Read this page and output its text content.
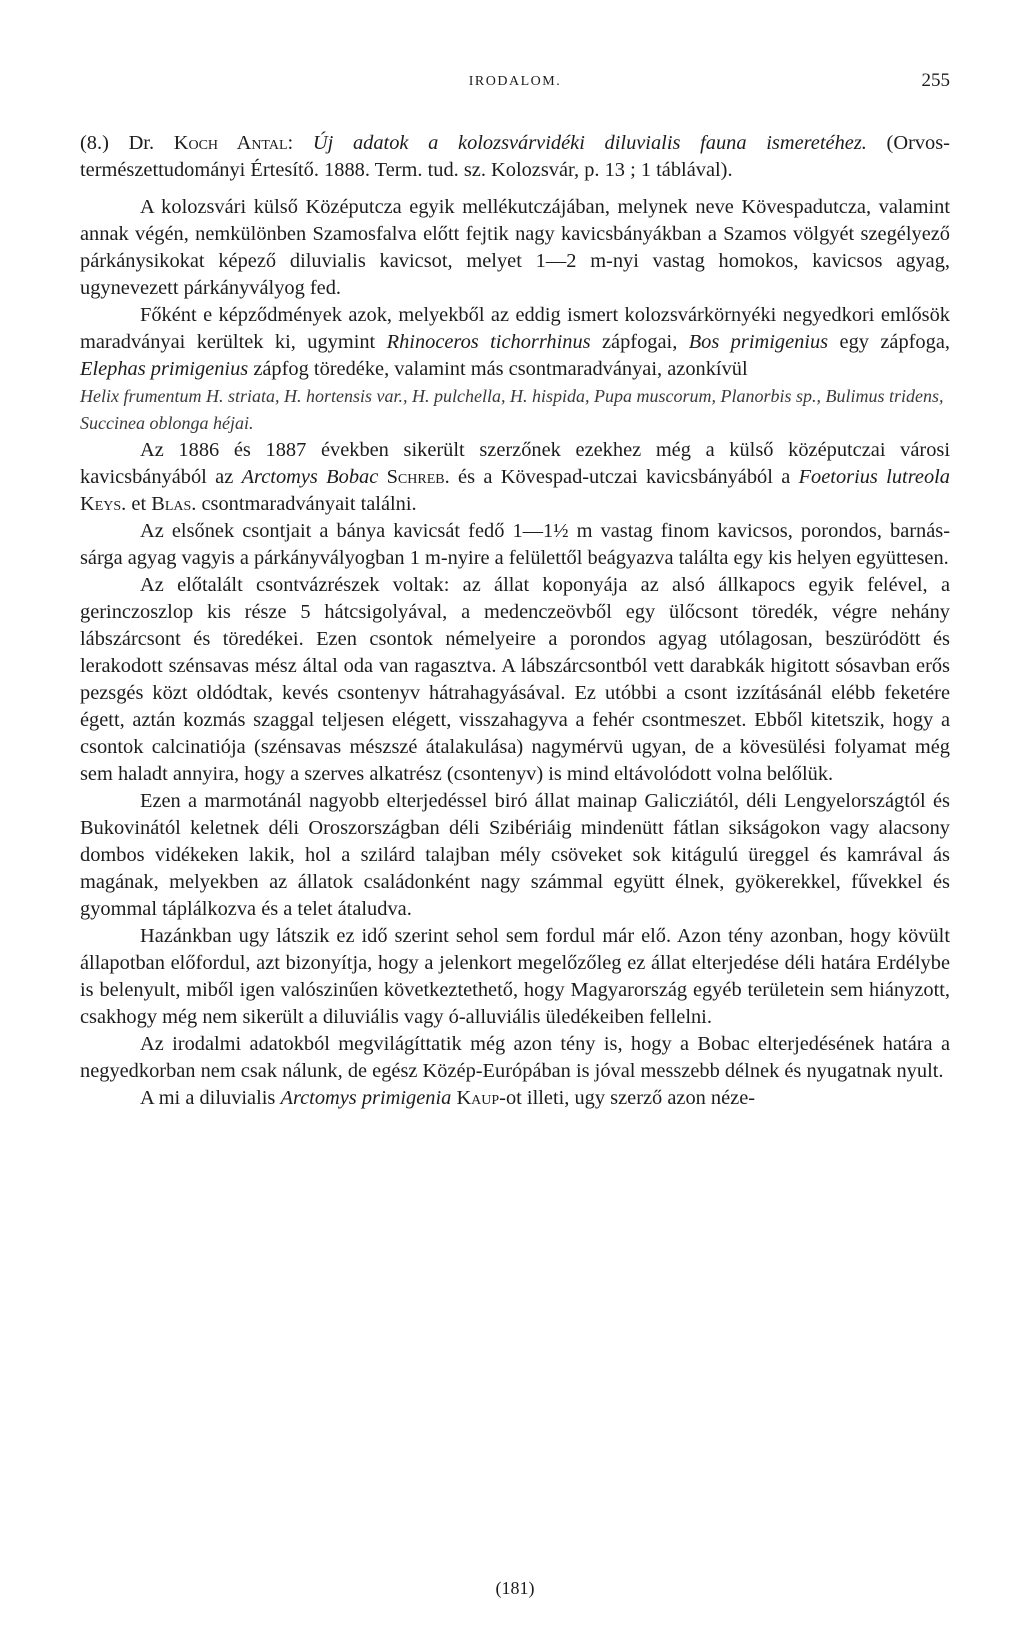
IRODALOM.	255

(8.) Dr. Koch Antal: Új adatok a kolozsvárvidéki diluvialis fauna ismeretéhez. (Orvos-természettudományi Értesítő. 1888. Term. tud. sz. Kolozsvár, p. 13 ; 1 táblával).

A kolozsvári külső Középutcza egyik mellékutczájában, melynek neve Kövespadutcza, valamint annak végén, nemkülönben Szamosfalva előtt fejtik nagy kavicsbányákban a Szamos völgyét szegélyező párkánysikokat képező diluvialis kavicsot, melyet 1—2 m-nyi vastag homokos, kavicsos agyag, ugynevezett párkányvályog fed.

Főként e képződmények azok, melyekből az eddig ismert kolozsvárkörnyéki negyedkori emlősök maradványai kerültek ki, ugymint Rhinoceros tichorrhinus zápfogai, Bos primigenius egy zápfoga, Elephas primigenius zápfog töredéke, valamint más csontmaradványai, azonkívül

Helix frumentum H. striata, H. hortensis var., H. pulchella, H. hispida, Pupa muscorum, Planorbis sp., Bulimus tridens, Succinea oblonga héjai.

Az 1886 és 1887 években sikerült szerzőnek ezekhez még a külső középutczai városi kavicsbányából az Arctomys Bobac Schreb. és a Kövespad-utczai kavicsbányából a Foetorius lutreola Keys. et Blas. csontmaradványait találni.

Az elsőnek csontjait a bánya kavicsát fedő 1—1½ m vastag finom kavicsos, porondos, barnás-sárga agyag vagyis a párkányvályogban 1 m-nyire a felülettől beágyazva találta egy kis helyen együttesen.

Az előtalált csontvázrészek voltak: az állat koponyája az alsó állkapocs egyik felével, a gerinczoszlop kis része 5 hátcsigolyával, a medenczeövből egy ülőcsont töredék, végre nehány lábszárcsont és töredékei. Ezen csontok némelyeire a porondos agyag utólagosan, beszüródött és lerakodott szénsavas mész által oda van ragasztva. A lábszárcsontból vett darabkák higitott sósavban erős pezsgés közt oldódtak, kevés csontenyv hátrahagyásával. Ez utóbbi a csont izzításánál elébb feketére égett, aztán kozmás szaggal teljesen elégett, visszahagyva a fehér csontmeszet. Ebből kitetszik, hogy a csontok calcinatiója (szénsavas mészszé átalakulása) nagymérvü ugyan, de a kövesülési folyamat még sem haladt annyira, hogy a szerves alkatrész (csontenyv) is mind eltávolódott volna belőlük.

Ezen a marmotánál nagyobb elterjedéssel biró állat mainap Galicziától, déli Lengyelországtól és Bukovinától keletnek déli Oroszországban déli Szibériáig mindenütt fátlan sikságokon vagy alacsony dombos vidékeken lakik, hol a szilárd talajban mély csöveket sok kitágulú üreggel és kamrával ás magának, melyekben az állatok családonként nagy számmal együtt élnek, gyökerekkel, fűvekkel és gyommal táplálkozva és a telet átaludva.

Hazánkban ugy látszik ez idő szerint sehol sem fordul már elő. Azon tény azonban, hogy kövült állapotban előfordul, azt bizonyítja, hogy a jelenkort megelőzőleg ez állat elterjedése déli határa Erdélybe is belenyult, miből igen valószinűen következtethető, hogy Magyarország egyéb területein sem hiányzott, csakhogy még nem sikerült a diluviális vagy ó-alluviális üledékeiben fellelni.

Az irodalmi adatokból megvilágíttatik még azon tény is, hogy a Bobac elterjedésének határa a negyedkorban nem csak nálunk, de egész Közép-Európában is jóval messzebb délnek és nyugatnak nyult.

A mi a diluvialis Arctomys primigenia Kaup-ot illeti, ugy szerző azon néze-

(181)
